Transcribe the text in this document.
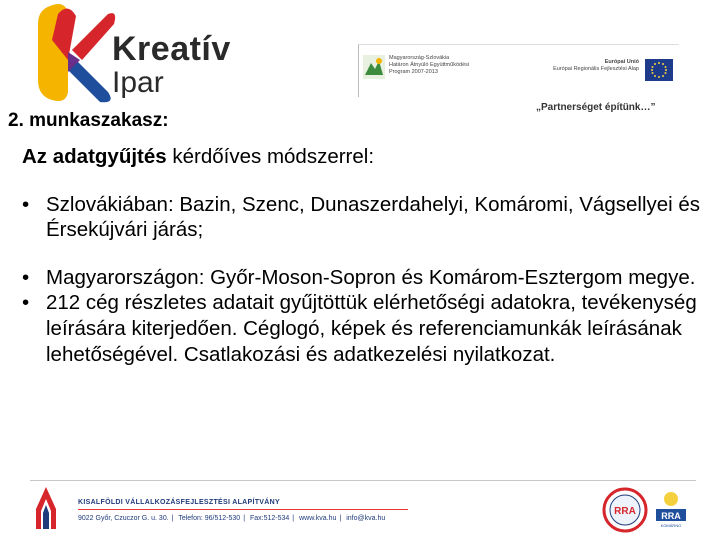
Kreatív
Ipar
Magyarország-Szlovákia
Határon Átnyúló Együttműködési
Program 2007-2013
Európai Unió
Európai Regionális Fejlesztési Alap
„Partnerséget építünk…”
2. munkaszakasz:

Az adatgyűjtés kérdőíves módszerrel:

• Szlovákiában: Bazin, Szenc, Dunaszerdahelyi, Komáromi, Vágsellyei és Érsekújvári járás;
• Magyarországon: Győr-Moson-Sopron és Komárom-Esztergom megye.
• 212 cég részletes adatait gyűjtöttük elérhetőségi adatokra, tevékenység leírására kiterjedően. Céglogó, képek és referenciamunkák leírásának lehetőségével. Csatlakozási és adatkezelési nyilatkozat.
KISALFÖLDI VÁLLALKOZÁSFEJLESZTÉSI ALAPÍTVÁNY
9022 Győr, Czuczor G. u. 30. | Telefon: 96/512-530 | Fax:512-534 | www.kva.hu | info@kva.hu
RRA	RRA
KOMÁRNO
